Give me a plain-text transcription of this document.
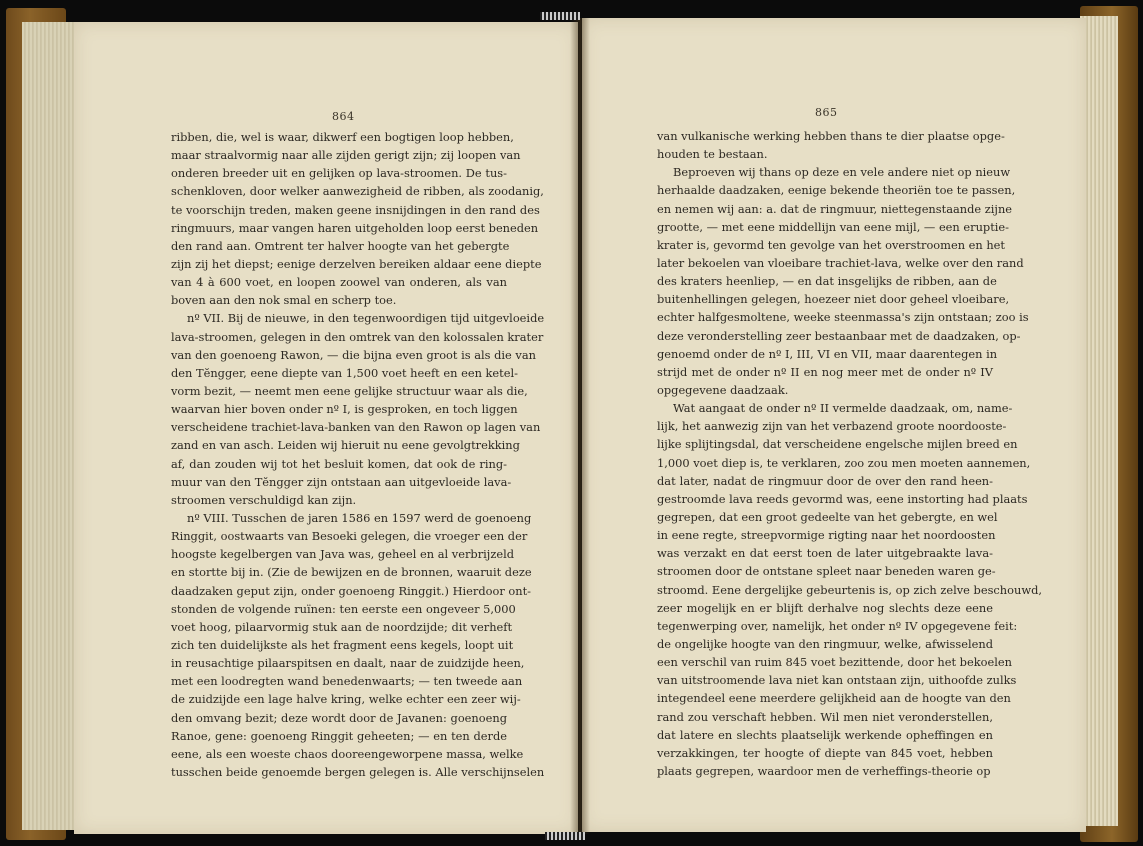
864
ribben, die, wel is waar, dikwerf een bogtigen loop hebben,
maar straalvormig naar alle zijden gerigt zijn; zij loopen van
onderen breeder uit en gelijken op lava-stroomen. De tus-
schenkloven, door welker aanwezigheid de ribben, als zoodanig,
te voorschijn treden, maken geene insnijdingen in den rand des
ringmuurs, maar vangen haren uitgeholden loop eerst beneden
den rand aan. Omtrent ter halver hoogte van het gebergte
zijn zij het diepst; eenige derzelven bereiken aldaar eene diepte
van 4 à 600 voet, en loopen zoowel van onderen, als van
boven aan den nok smal en scherp toe.
nº VII. Bij de nieuwe, in den tegenwoordigen tijd uitgevloeide
lava-stroomen, gelegen in den omtrek van den kolossalen krater
van den goenoeng Rawon, — die bijna even groot is als die van
den Tĕngger, eene diepte van 1,500 voet heeft en een ketel-
vorm bezit, — neemt men eene gelijke structuur waar als die,
waarvan hier boven onder nº I, is gesproken, en toch liggen
verscheidene trachiet-lava-banken van den Rawon op lagen van
zand en van asch. Leiden wij hieruit nu eene gevolgtrekking
af, dan zouden wij tot het besluit komen, dat ook de ring-
muur van den Tĕngger zijn ontstaan aan uitgevloeide lava-
stroomen verschuldigd kan zijn.
nº VIII. Tusschen de jaren 1586 en 1597 werd de goenoeng
Ringgit, oostwaarts van Besoeki gelegen, die vroeger een der
hoogste kegelbergen van Java was, geheel en al verbrijzeld
en stortte bij in. (Zie de bewijzen en de bronnen, waaruit deze
daadzaken geput zijn, onder goenoeng Ringgit.) Hierdoor ont-
stonden de volgende ruïnen: ten eerste een ongeveer 5,000
voet hoog, pilaarvormig stuk aan de noordzijde; dit verheft
zich ten duidelijkste als het fragment eens kegels, loopt uit
in reusachtige pilaarspitsen en daalt, naar de zuidzijde heen,
met een loodregten wand benedenwaarts; — ten tweede aan
de zuidzijde een lage halve kring, welke echter een zeer wij-
den omvang bezit; deze wordt door de Javanen: goenoeng
Ranoe, gene: goenoeng Ringgit geheeten; — en ten derde
eene, als een woeste chaos dooreengeworpene massa, welke
tusschen beide genoemde bergen gelegen is. Alle verschijnselen
865
van vulkanische werking hebben thans te dier plaatse opge-
houden te bestaan.
Beproeven wij thans op deze en vele andere niet op nieuw
herhaalde daadzaken, eenige bekende theoriën toe te passen,
en nemen wij aan: a. dat de ringmuur, niettegenstaande zijne
grootte, — met eene middellijn van eene mijl, — een eruptie-
krater is, gevormd ten gevolge van het overstroomen en het
later bekoelen van vloeibare trachiet-lava, welke over den rand
des kraters heenliep, — en dat insgelijks de ribben, aan de
buitenhellingen gelegen, hoezeer niet door geheel vloeibare,
echter halfgesmoltene, weeke steenmassa's zijn ontstaan; zoo is
deze veronderstelling zeer bestaanbaar met de daadzaken, op-
genoemd onder de nº I, III, VI en VII, maar daarentegen in
strijd met de onder nº II en nog meer met de onder nº IV
opgegevene daadzaak.
Wat aangaat de onder nº II vermelde daadzaak, om, name-
lijk, het aanwezig zijn van het verbazend groote noordooste-
lijke splijtingsdal, dat verscheidene engelsche mijlen breed en
1,000 voet diep is, te verklaren, zoo zou men moeten aannemen,
dat later, nadat de ringmuur door de over den rand heen-
gestroomde lava reeds gevormd was, eene instorting had plaats
gegrepen, dat een groot gedeelte van het gebergte, en wel
in eene regte, streepvormige rigting naar het noordoosten
was verzakt en dat eerst toen de later uitgebraakte lava-
stroomen door de ontstane spleet naar beneden waren ge-
stroomd. Eene dergelijke gebeurtenis is, op zich zelve beschouwd,
zeer mogelijk en er blijft derhalve nog slechts deze eene
tegenwerping over, namelijk, het onder nº IV opgegevene feit:
de ongelijke hoogte van den ringmuur, welke, afwisselend
een verschil van ruim 845 voet bezittende, door het bekoelen
van uitstroomende lava niet kan ontstaan zijn, uithoofde zulks
integendeel eene meerdere gelijkheid aan de hoogte van den
rand zou verschaft hebben. Wil men niet veronderstellen,
dat latere en slechts plaatselijk werkende opheffingen en
verzakkingen, ter hoogte of diepte van 845 voet, hebben
plaats gegrepen, waardoor men de verheffings-theorie op
